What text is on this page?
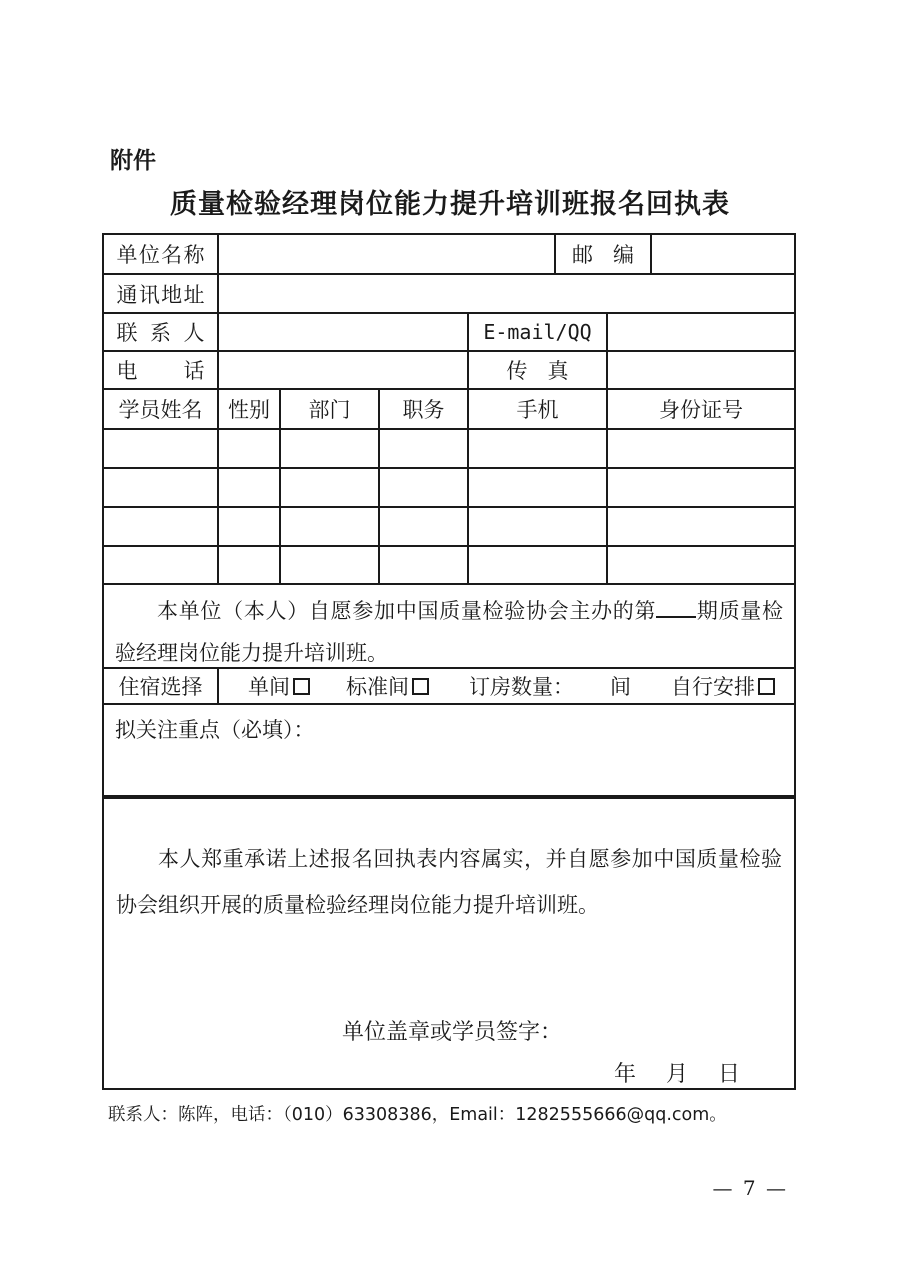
附件
质量检验经理岗位能力提升培训班报名回执表
单位名称	邮编
通讯地址
联系人	E-mail/QQ
电话	传真
学员姓名	性别	部门	职务	手机	身份证号
本单位（本人）自愿参加中国质量检验协会主办的第 期质量检验经理岗位能力提升培训班。
住宿选择	单间	标准间	订房数量： 间 自行安排
拟关注重点（必填）：
本人郑重承诺上述报名回执表内容属实，并自愿参加中国质量检验协会组织开展的质量检验经理岗位能力提升培训班。
单位盖章或学员签字：
年　月　日
联系人：陈阵，电话：（010）63308386，Email：1282555666@qq.com。
— 7 —
